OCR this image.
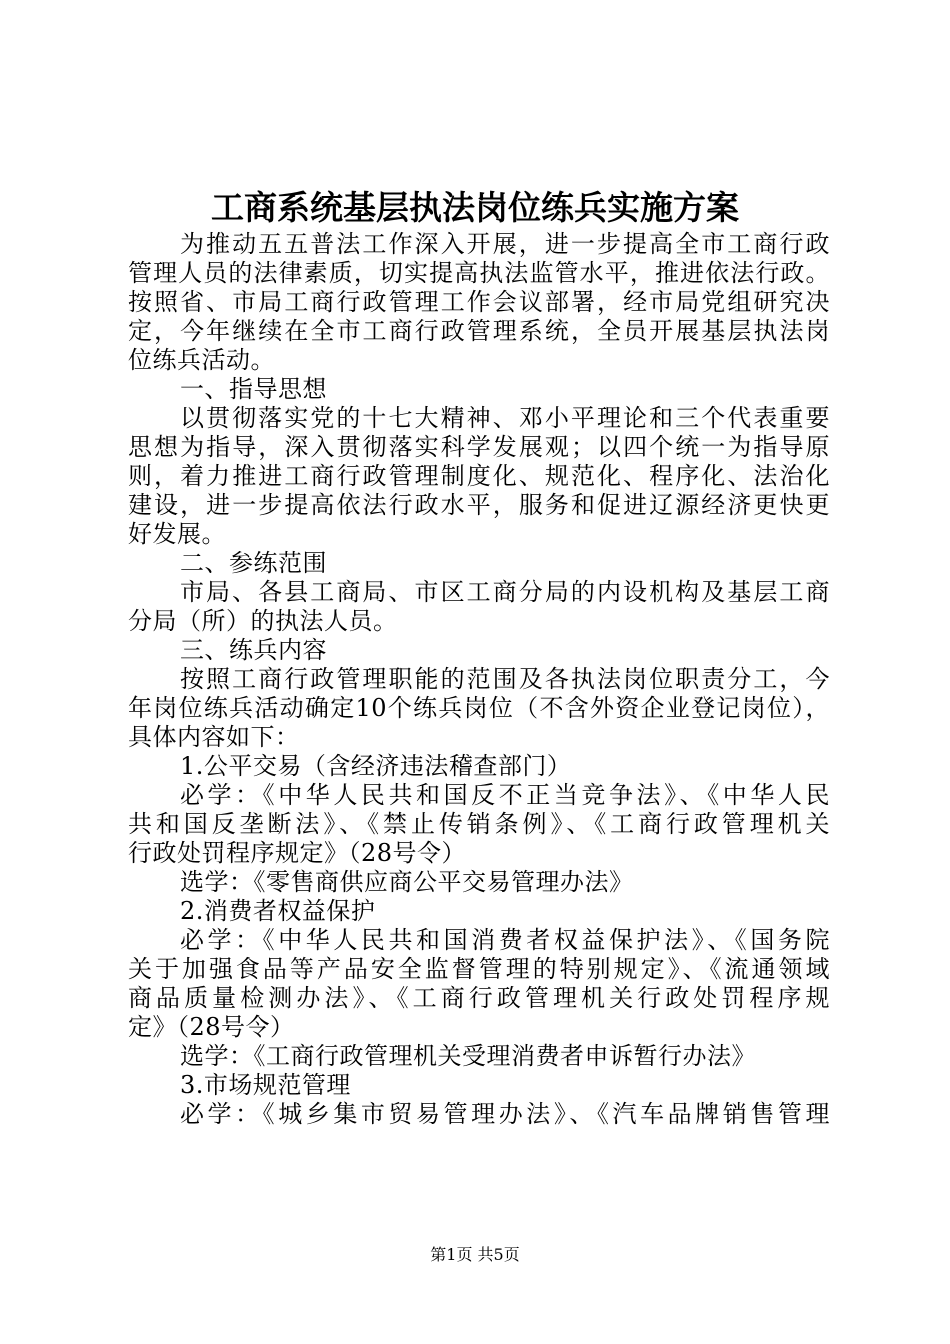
工商系统基层执法岗位练兵实施方案
为推动五五普法工作深入开展，进一步提高全市工商行政
管理人员的法律素质，切实提高执法监管水平，推进依法行政。
按照省、市局工商行政管理工作会议部署，经市局党组研究决
定，今年继续在全市工商行政管理系统，全员开展基层执法岗
位练兵活动。
一、指导思想
以贯彻落实党的十七大精神、邓小平理论和三个代表重要
思想为指导，深入贯彻落实科学发展观；以四个统一为指导原
则，着力推进工商行政管理制度化、规范化、程序化、法治化
建设，进一步提高依法行政水平，服务和促进辽源经济更快更
好发展。
二、参练范围
市局、各县工商局、市区工商分局的内设机构及基层工商
分局（所）的执法人员。
三、练兵内容
按照工商行政管理职能的范围及各执法岗位职责分工，今
年岗位练兵活动确定10个练兵岗位（不含外资企业登记岗位），
具体内容如下：
1.公平交易（含经济违法稽查部门）
必学：《中华人民共和国反不正当竞争法》、《中华人民
共和国反垄断法》、《禁止传销条例》、《工商行政管理机关
行政处罚程序规定》（28号令）
选学：《零售商供应商公平交易管理办法》
2.消费者权益保护
必学：《中华人民共和国消费者权益保护法》、《国务院
关于加强食品等产品安全监督管理的特别规定》、《流通领域
商品质量检测办法》、《工商行政管理机关行政处罚程序规
定》（28号令）
选学：《工商行政管理机关受理消费者申诉暂行办法》
3.市场规范管理
必学：《城乡集市贸易管理办法》、《汽车品牌销售管理
第1页 共5页
